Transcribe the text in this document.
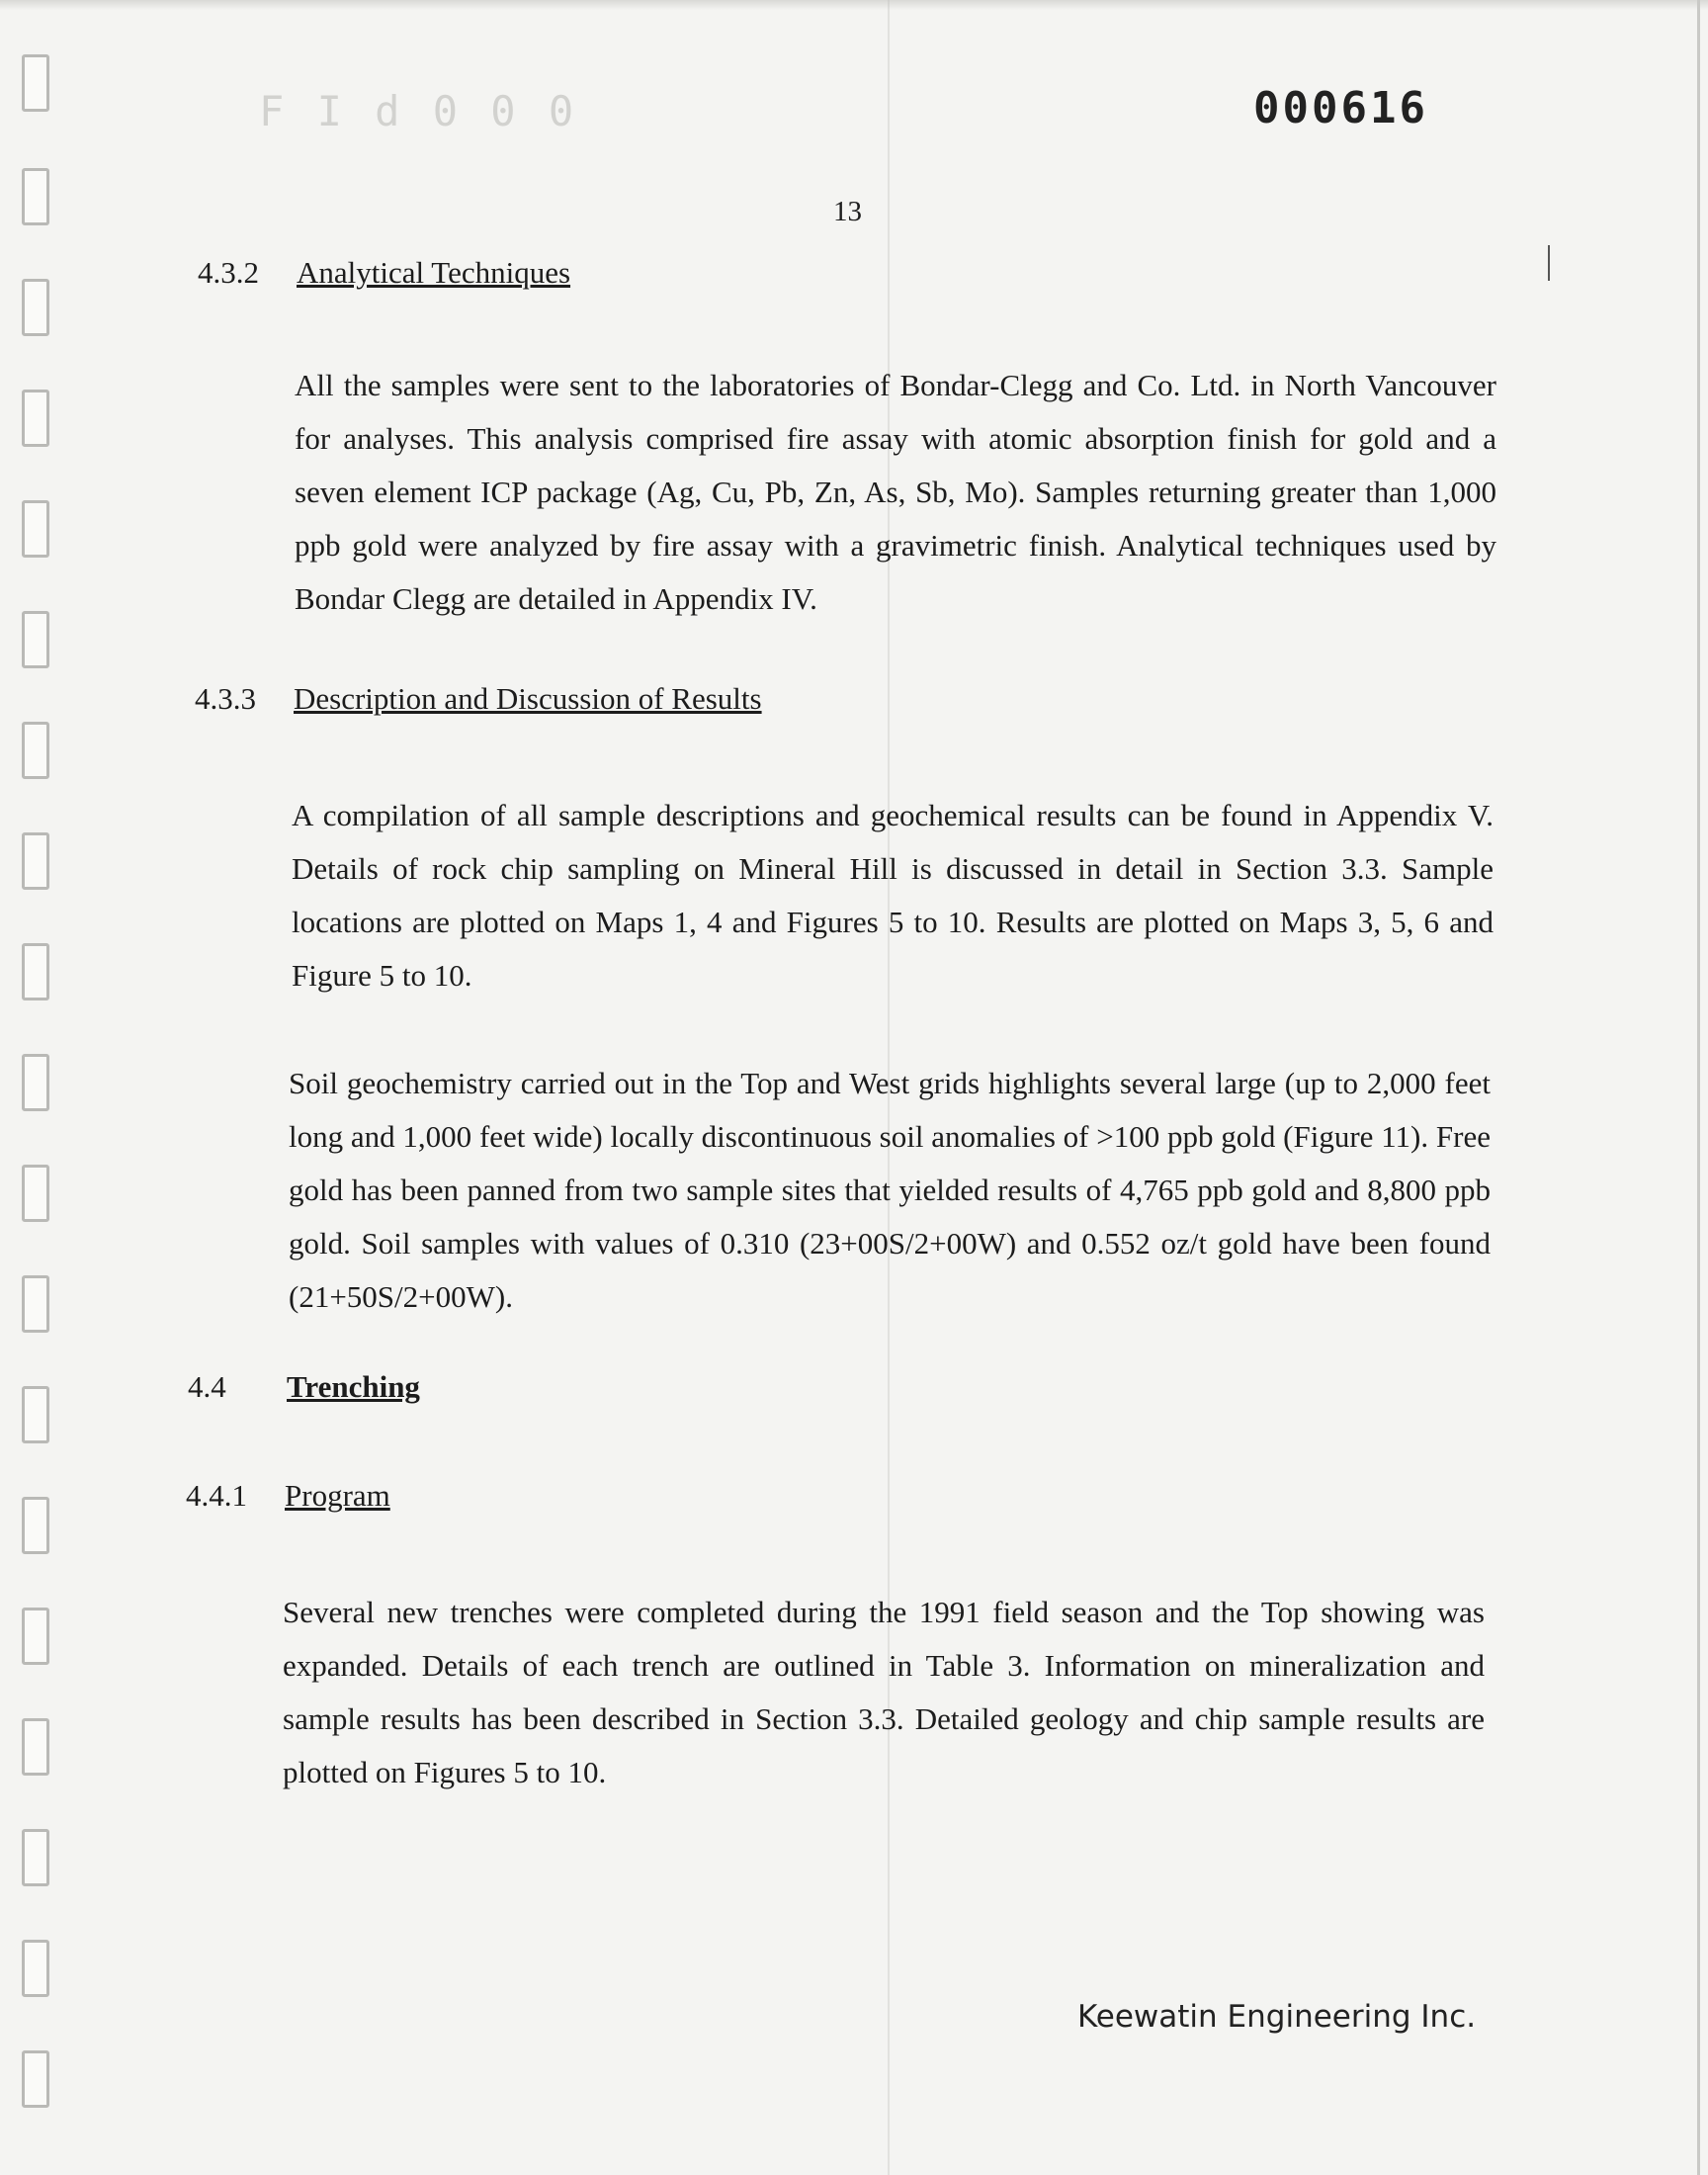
F I d 0 0 0	000616
13
4.3.2 Analytical Techniques

All the samples were sent to the laboratories of Bondar-Clegg and Co. Ltd. in North Vancouver for analyses. This analysis comprised fire assay with atomic absorption finish for gold and a seven element ICP package (Ag, Cu, Pb, Zn, As, Sb, Mo). Samples returning greater than 1,000 ppb gold were analyzed by fire assay with a gravimetric finish. Analytical techniques used by Bondar Clegg are detailed in Appendix IV.

4.3.3 Description and Discussion of Results

A compilation of all sample descriptions and geochemical results can be found in Appendix V. Details of rock chip sampling on Mineral Hill is discussed in detail in Section 3.3. Sample locations are plotted on Maps 1, 4 and Figures 5 to 10. Results are plotted on Maps 3, 5, 6 and Figure 5 to 10.

Soil geochemistry carried out in the Top and West grids highlights several large (up to 2,000 feet long and 1,000 feet wide) locally discontinuous soil anomalies of >100 ppb gold (Figure 11). Free gold has been panned from two sample sites that yielded results of 4,765 ppb gold and 8,800 ppb gold. Soil samples with values of 0.310 (23+00S/2+00W) and 0.552 oz/t gold have been found (21+50S/2+00W).

4.4 Trenching
4.4.1 Program

Several new trenches were completed during the 1991 field season and the Top showing was expanded. Details of each trench are outlined in Table 3. Information on mineralization and sample results has been described in Section 3.3. Detailed geology and chip sample results are plotted on Figures 5 to 10.

Keewatin Engineering Inc.
